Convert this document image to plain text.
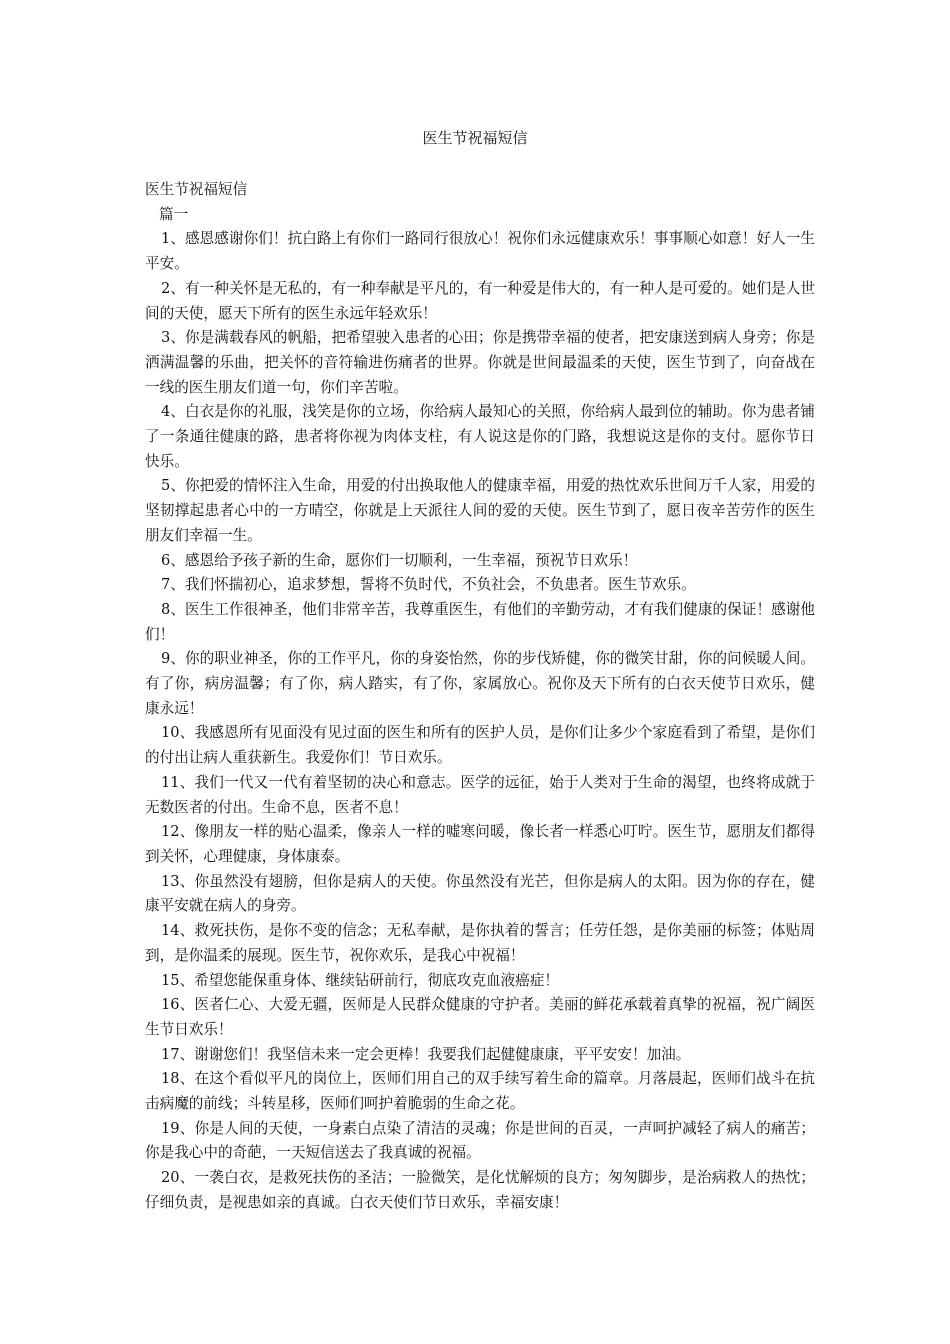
医生节祝福短信

医生节祝福短信

篇一

1、感恩感谢你们！抗白路上有你们一路同行很放心！祝你们永远健康欢乐！事事顺心如意！好人一生平安。

2、有一种关怀是无私的，有一种奉献是平凡的，有一种爱是伟大的，有一种人是可爱的。她们是人世间的天使，愿天下所有的医生永远年轻欢乐！

3、你是满载春风的帆船，把希望驶入患者的心田；你是携带幸福的使者，把安康送到病人身旁；你是洒满温馨的乐曲，把关怀的音符输进伤痛者的世界。你就是世间最温柔的天使，医生节到了，向奋战在一线的医生朋友们道一句，你们辛苦啦。

4、白衣是你的礼服，浅笑是你的立场，你给病人最知心的关照，你给病人最到位的辅助。你为患者铺了一条通往健康的路，患者将你视为肉体支柱，有人说这是你的门路，我想说这是你的支付。愿你节日快乐。

5、你把爱的情怀注入生命，用爱的付出换取他人的健康幸福，用爱的热忱欢乐世间万千人家，用爱的坚韧撑起患者心中的一方晴空，你就是上天派往人间的爱的天使。医生节到了，愿日夜辛苦劳作的医生朋友们幸福一生。

6、感恩给予孩子新的生命，愿你们一切顺利，一生幸福，预祝节日欢乐！

7、我们怀揣初心，追求梦想，誓将不负时代，不负社会，不负患者。医生节欢乐。

8、医生工作很神圣，他们非常辛苦，我尊重医生，有他们的辛勤劳动，才有我们健康的保证！感谢他们！

9、你的职业神圣，你的工作平凡，你的身姿怡然，你的步伐矫健，你的微笑甘甜，你的问候暖人间。有了你，病房温馨；有了你，病人踏实，有了你，家属放心。祝你及天下所有的白衣天使节日欢乐，健康永远！

10、我感恩所有见面没有见过面的医生和所有的医护人员，是你们让多少个家庭看到了希望，是你们的付出让病人重获新生。我爱你们！节日欢乐。

11、我们一代又一代有着坚韧的决心和意志。医学的远征，始于人类对于生命的渴望，也终将成就于无数医者的付出。生命不息，医者不息！

12、像朋友一样的贴心温柔，像亲人一样的嘘寒问暖，像长者一样悉心叮咛。医生节，愿朋友们都得到关怀，心理健康，身体康泰。

13、你虽然没有翅膀，但你是病人的天使。你虽然没有光芒，但你是病人的太阳。因为你的存在，健康平安就在病人的身旁。

14、救死扶伤，是你不变的信念；无私奉献，是你执着的誓言；任劳任怨，是你美丽的标签；体贴周到，是你温柔的展现。医生节，祝你欢乐，是我心中祝福！

15、希望您能保重身体、继续钻研前行，彻底攻克血液癌症！

16、医者仁心、大爱无疆，医师是人民群众健康的守护者。美丽的鲜花承载着真挚的祝福，祝广阔医生节日欢乐！

17、谢谢您们！我坚信未来一定会更棒！我要我们起健健康康，平平安安！加油。

18、在这个看似平凡的岗位上，医师们用自己的双手续写着生命的篇章。月落晨起，医师们战斗在抗击病魔的前线；斗转星移，医师们呵护着脆弱的生命之花。

19、你是人间的天使，一身素白点染了清洁的灵魂；你是世间的百灵，一声呵护减轻了病人的痛苦；你是我心中的奇葩，一天短信送去了我真诚的祝福。

20、一袭白衣，是救死扶伤的圣洁；一脸微笑，是化忧解烦的良方；匆匆脚步，是治病救人的热忱；仔细负责，是视患如亲的真诚。白衣天使们节日欢乐，幸福安康！
